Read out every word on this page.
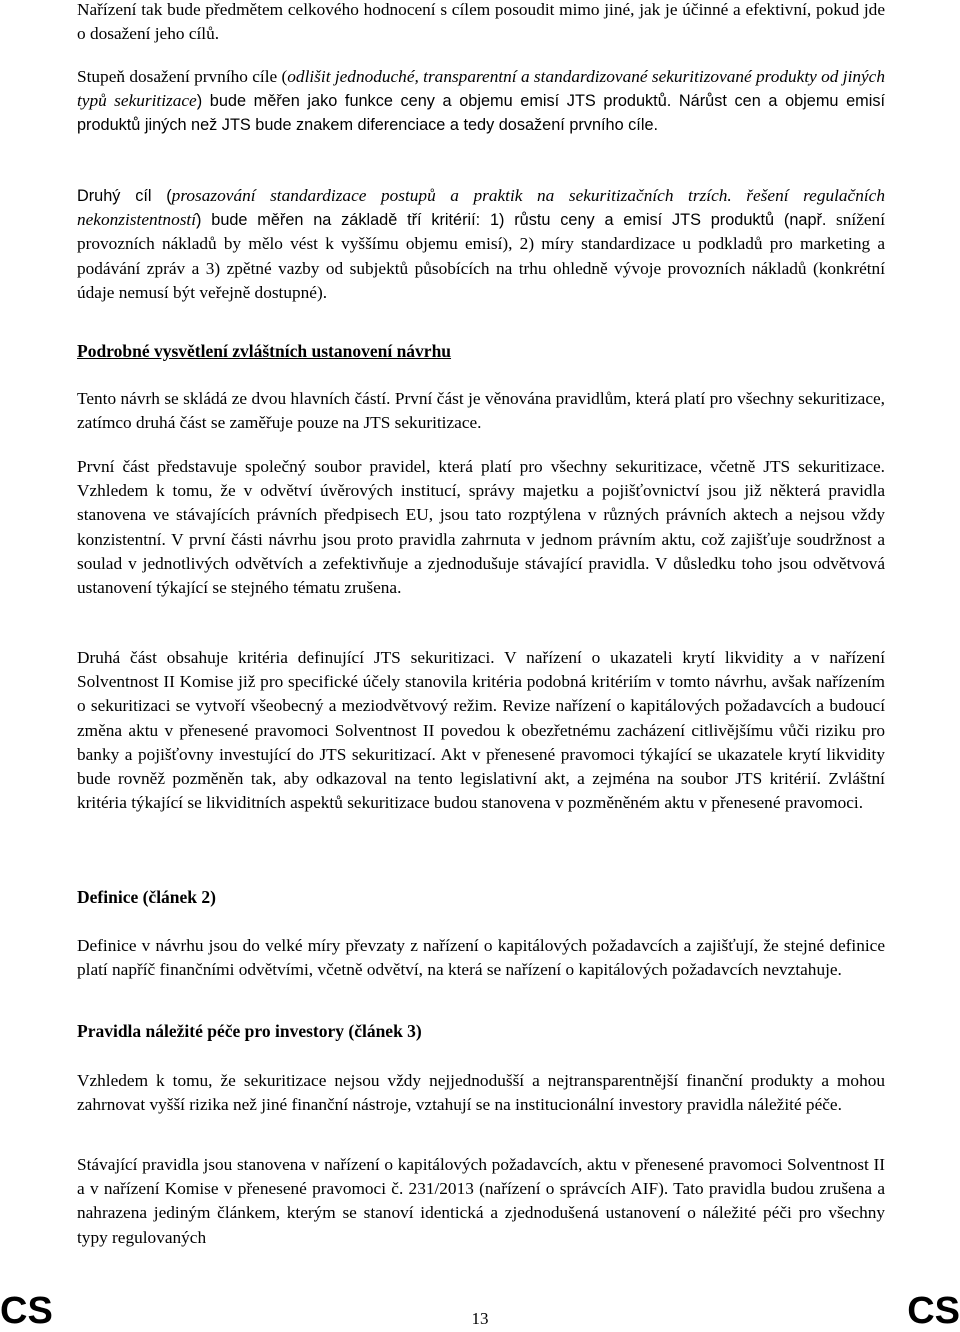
Nařízení tak bude předmětem celkového hodnocení s cílem posoudit mimo jiné, jak je účinné a efektivní, pokud jde o dosažení jeho cílů.

Stupeň dosažení prvního cíle (odlišit jednoduché, transparentní a standardizované sekuritizované produkty od jiných typů sekuritizace) bude měřen jako funkce ceny a objemu emisí JTS produktů. Nárůst cen a objemu emisí produktů jiných než JTS bude znakem diferenciace a tedy dosažení prvního cíle.

Druhý cíl (prosazování standardizace postupů a praktik na sekuritizačních trzích. řešení regulačních nekonzistentností) bude měřen na základě tří kritérií: 1) růstu ceny a emisí JTS produktů (např. snížení provozních nákladů by mělo vést k vyššímu objemu emisí), 2) míry standardizace u podkladů pro marketing a podávání zpráv a 3) zpětné vazby od subjektů působících na trhu ohledně vývoje provozních nákladů (konkrétní údaje nemusí být veřejně dostupné).

Podrobné vysvětlení zvláštních ustanovení návrhu

Tento návrh se skládá ze dvou hlavních částí. První část je věnována pravidlům, která platí pro všechny sekuritizace, zatímco druhá část se zaměřuje pouze na JTS sekuritizace.

První část představuje společný soubor pravidel, která platí pro všechny sekuritizace, včetně JTS sekuritizace. Vzhledem k tomu, že v odvětví úvěrových institucí, správy majetku a pojišťovnictví jsou již některá pravidla stanovena ve stávajících právních předpisech EU, jsou tato rozptýlena v různých právních aktech a nejsou vždy konzistentní. V první části návrhu jsou proto pravidla zahrnuta v jednom právním aktu, což zajišťuje soudržnost a soulad v jednotlivých odvětvích a zefektivňuje a zjednodušuje stávající pravidla. V důsledku toho jsou odvětvová ustanovení týkající se stejného tématu zrušena.

Druhá část obsahuje kritéria definující JTS sekuritizaci. V nařízení o ukazateli krytí likvidity a v nařízení Solventnost II Komise již pro specifické účely stanovila kritéria podobná kritériím v tomto návrhu, avšak nařízením o sekuritizaci se vytvoří všeobecný a meziodvětvový režim. Revize nařízení o kapitálových požadavcích a budoucí změna aktu v přenesené pravomoci Solventnost II povedou k obezřetnému zacházení citlivějšímu vůči riziku pro banky a pojišťovny investující do JTS sekuritizací. Akt v přenesené pravomoci týkající se ukazatele krytí likvidity bude rovněž pozměněn tak, aby odkazoval na tento legislativní akt, a zejména na soubor JTS kritérií. Zvláštní kritéria týkající se likviditních aspektů sekuritizace budou stanovena v pozměněném aktu v přenesené pravomoci.

Definice (článek 2)

Definice v návrhu jsou do velké míry převzaty z nařízení o kapitálových požadavcích a zajišťují, že stejné definice platí napříč finančními odvětvími, včetně odvětví, na která se nařízení o kapitálových požadavcích nevztahuje.

Pravidla náležité péče pro investory (článek 3)

Vzhledem k tomu, že sekuritizace nejsou vždy nejjednodušší a nejtransparentnější finanční produkty a mohou zahrnovat vyšší rizika než jiné finanční nástroje, vztahují se na institucionální investory pravidla náležité péče.

Stávající pravidla jsou stanovena v nařízení o kapitálových požadavcích, aktu v přenesené pravomoci Solventnost II a v nařízení Komise v přenesené pravomoci č. 231/2013 (nařízení o správcích AIF). Tato pravidla budou zrušena a nahrazena jediným článkem, kterým se stanoví identická a zjednodušená ustanovení o náležité péči pro všechny typy regulovaných

CS	13	CS
